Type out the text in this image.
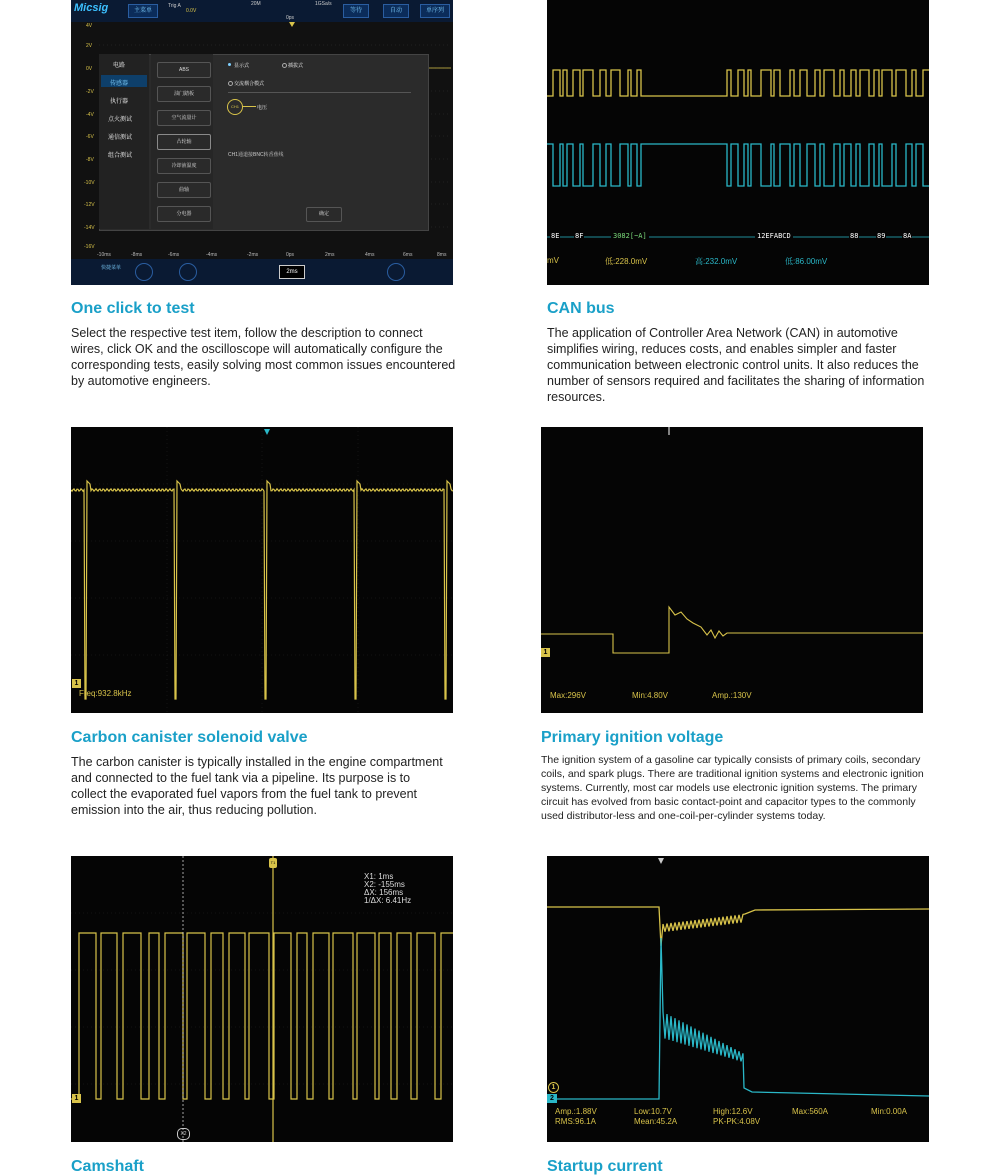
Micsig	主菜单
Trig A
0.0V
20M	1GSa/s
0ps
等待	自动	单序列
4V
2V
0V
-2V
-4V
-6V
-8V
-10V
-12V
-14V
-16V
电路
传感器
执行器
点火测试
通信测试
组合测试
ABS
油门踏板
空气流量计
凸轮轴
冷却液温度
曲轴
分电器
显示式	插拔式
交流耦合模式
CH1	电压
CH1通道接BNC转香蕉线
确定
-10ms	-8ms	-6ms	-4ms	-2ms	0ps	2ms	4ms	6ms	8ms
快捷菜单
2ms
8E 8F	3082[~A]	12EFABCD	88	89	8A
mV	低:228.0mV	高:232.0mV	低:86.00mV
One click to test

Select the respective test item, follow the description to connect wires, click OK and the oscilloscope will automatically configure the corresponding tests, easily solving most common issues encountered by automotive engineers.

CAN bus

The application of Controller Area Network (CAN) in automotive simplifies wiring, reduces costs, and enables simpler and faster communication between electronic control units. It also reduces the number of sensors required and facilitates the sharing of information resources.

1
Freq:932.8kHz
1
Max:296V	Min:4.80V	Amp.:130V
Carbon canister solenoid valve

The carbon canister is typically installed in the engine compartment and connected to the fuel tank via a pipeline. Its purpose is to collect the evaporated fuel vapors from the fuel tank to prevent emission into the air, thus reducing pollution.

Primary ignition voltage

The ignition system of a gasoline car typically consists of primary coils, secondary coils, and spark plugs. There are traditional ignition systems and electronic ignition systems. Currently, most car models use electronic ignition systems. The primary circuit has evolved from basic contact-point and capacitor types to the commonly used distributor-less and one-coil-per-cylinder systems today.

T1
X2
1
X1: 1ms
X2: -155ms
ΔX: 156ms
1/ΔX: 6.41Hz
1
2
Amp.:1.88V	Low:10.7V	High:12.6V	Max:560A	Min:0.00A
RMS:96.1A	Mean:45.2A	PK-PK:4.08V
Camshaft	Startup current
